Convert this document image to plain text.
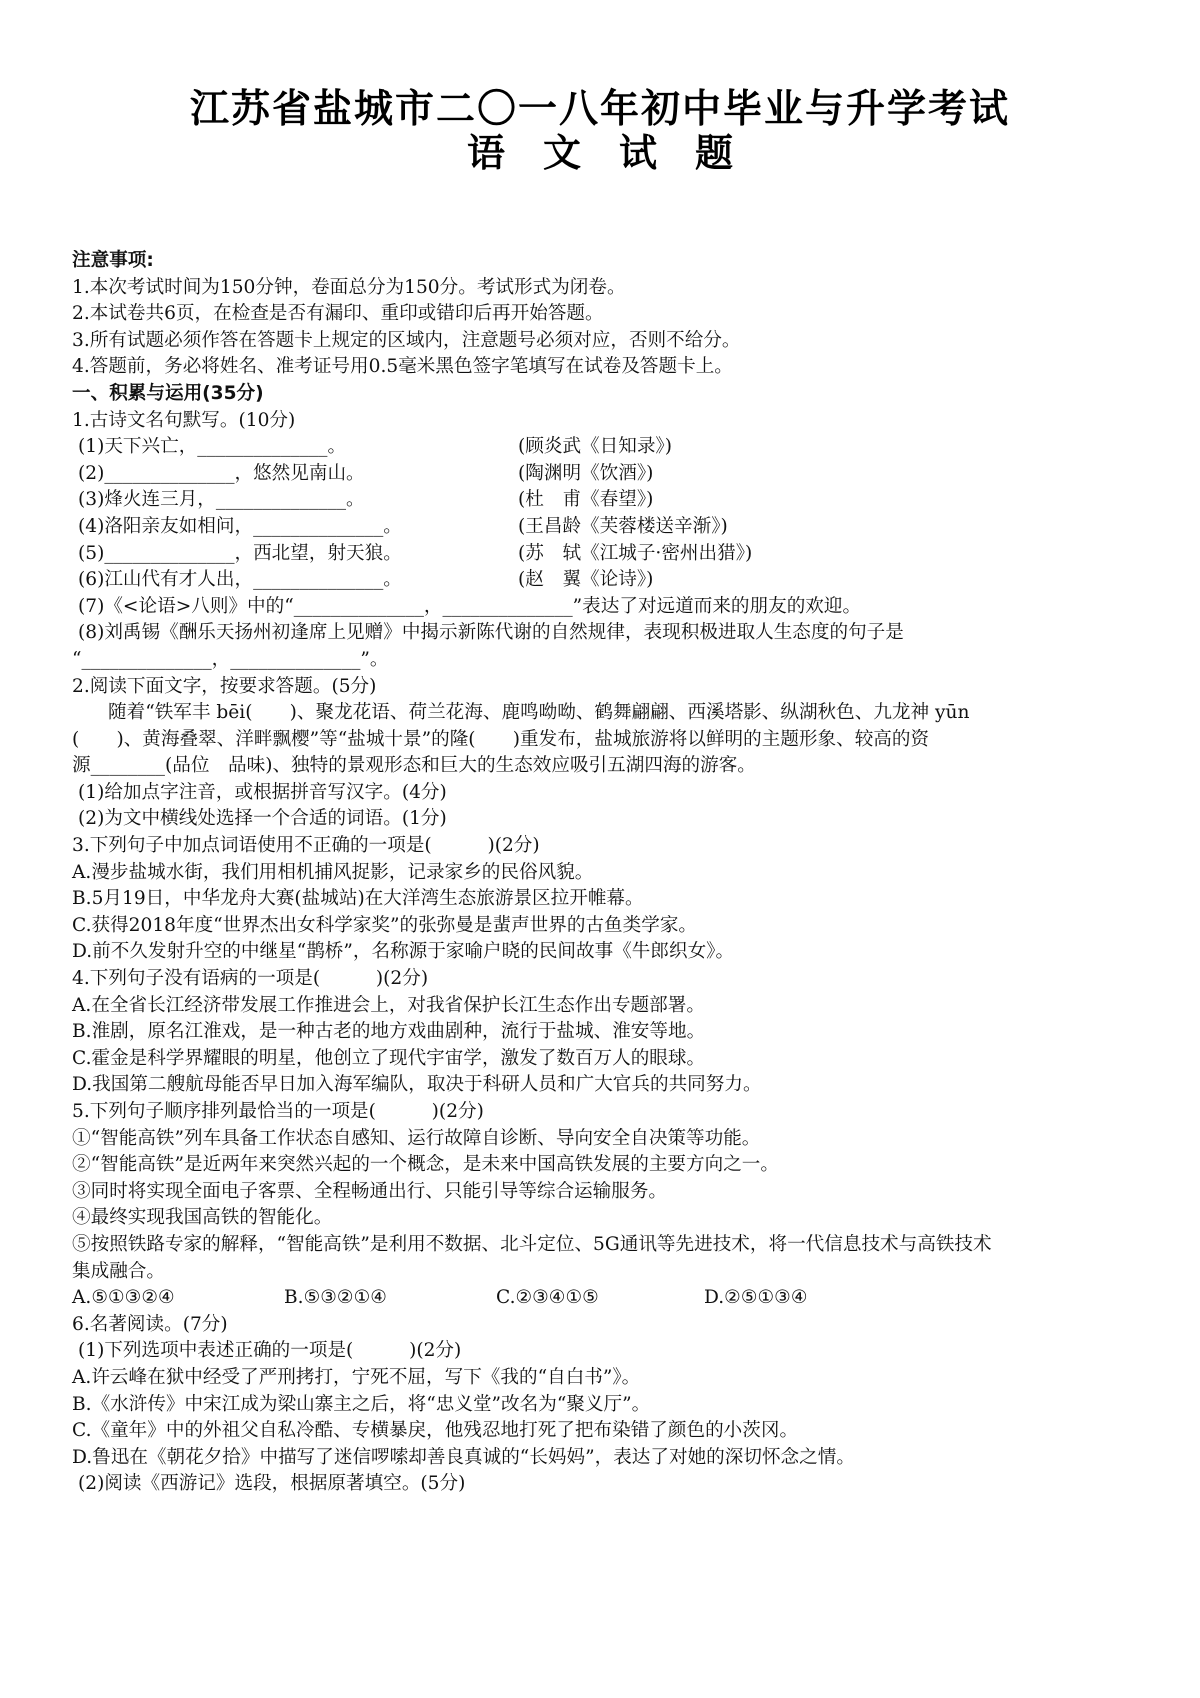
江苏省盐城市二〇一八年初中毕业与升学考试
语文试题
注意事项:
1.本次考试时间为150分钟，卷面总分为150分。考试形式为闭卷。
2.本试卷共6页，在检查是否有漏印、重印或错印后再开始答题。
3.所有试题必须作答在答题卡上规定的区域内，注意题号必须对应，否则不给分。
4.答题前，务必将姓名、准考证号用0.5毫米黑色签字笔填写在试卷及答题卡上。
一、积累与运用(35分)
1.古诗文名句默写。(10分)
(1)天下兴亡，______________。	(顾炎武《日知录》)
(2)______________，悠然见南山。	(陶渊明《饮酒》)
(3)烽火连三月，______________。	(杜　甫《春望》)
(4)洛阳亲友如相问，______________。	(王昌龄《芙蓉楼送辛渐》)
(5)______________，西北望，射天狼。	(苏　轼《江城子·密州出猎》)
(6)江山代有才人出，______________。	(赵　翼《论诗》)
(7)《<论语>八则》中的“______________，______________”表达了对远道而来的朋友的欢迎。
(8)刘禹锡《酬乐天扬州初逢席上见赠》中揭示新陈代谢的自然规律，表现积极进取人生态度的句子是
“______________，______________”。
2.阅读下面文字，按要求答题。(5分)
随着“铁军丰 bēi(　　)、聚龙花语、荷兰花海、鹿鸣呦呦、鹤舞翩翩、西溪塔影、纵湖秋色、九龙神 yūn
(　　)、黄海叠翠、洋畔飘樱”等“盐城十景”的隆(　　)重发布，盐城旅游将以鲜明的主题形象、较高的资
源________(品位　品味)、独特的景观形态和巨大的生态效应吸引五湖四海的游客。
(1)给加点字注音，或根据拼音写汉字。(4分)
(2)为文中横线处选择一个合适的词语。(1分)
3.下列句子中加点词语使用不正确的一项是(　　　)(2分)
A.漫步盐城水街，我们用相机捕风捉影，记录家乡的民俗风貌。
B.5月19日，中华龙舟大赛(盐城站)在大洋湾生态旅游景区拉开帷幕。
C.获得2018年度“世界杰出女科学家奖”的张弥曼是蜚声世界的古鱼类学家。
D.前不久发射升空的中继星“鹊桥”，名称源于家喻户晓的民间故事《牛郎织女》。
4.下列句子没有语病的一项是(　　　)(2分)
A.在全省长江经济带发展工作推进会上，对我省保护长江生态作出专题部署。
B.淮剧，原名江淮戏，是一种古老的地方戏曲剧种，流行于盐城、淮安等地。
C.霍金是科学界耀眼的明星，他创立了现代宇宙学，激发了数百万人的眼球。
D.我国第二艘航母能否早日加入海军编队，取决于科研人员和广大官兵的共同努力。
5.下列句子顺序排列最恰当的一项是(　　　)(2分)
①“智能高铁”列车具备工作状态自感知、运行故障自诊断、导向安全自决策等功能。
②“智能高铁”是近两年来突然兴起的一个概念，是未来中国高铁发展的主要方向之一。
③同时将实现全面电子客票、全程畅通出行、只能引导等综合运输服务。
④最终实现我国高铁的智能化。
⑤按照铁路专家的解释，“智能高铁”是利用不数据、北斗定位、5G通讯等先进技术，将一代信息技术与高铁技术
集成融合。
A.⑤①③②④	B.⑤③②①④	C.②③④①⑤	D.②⑤①③④
6.名著阅读。(7分)
(1)下列选项中表述正确的一项是(　　　)(2分)
A.许云峰在狱中经受了严刑拷打，宁死不屈，写下《我的“自白书”》。
B.《水浒传》中宋江成为梁山寨主之后，将“忠义堂”改名为“聚义厅”。
C.《童年》中的外祖父自私冷酷、专横暴戾，他残忍地打死了把布染错了颜色的小茨冈。
D.鲁迅在《朝花夕拾》中描写了迷信啰嗦却善良真诚的“长妈妈”，表达了对她的深切怀念之情。
(2)阅读《西游记》选段，根据原著填空。(5分)
